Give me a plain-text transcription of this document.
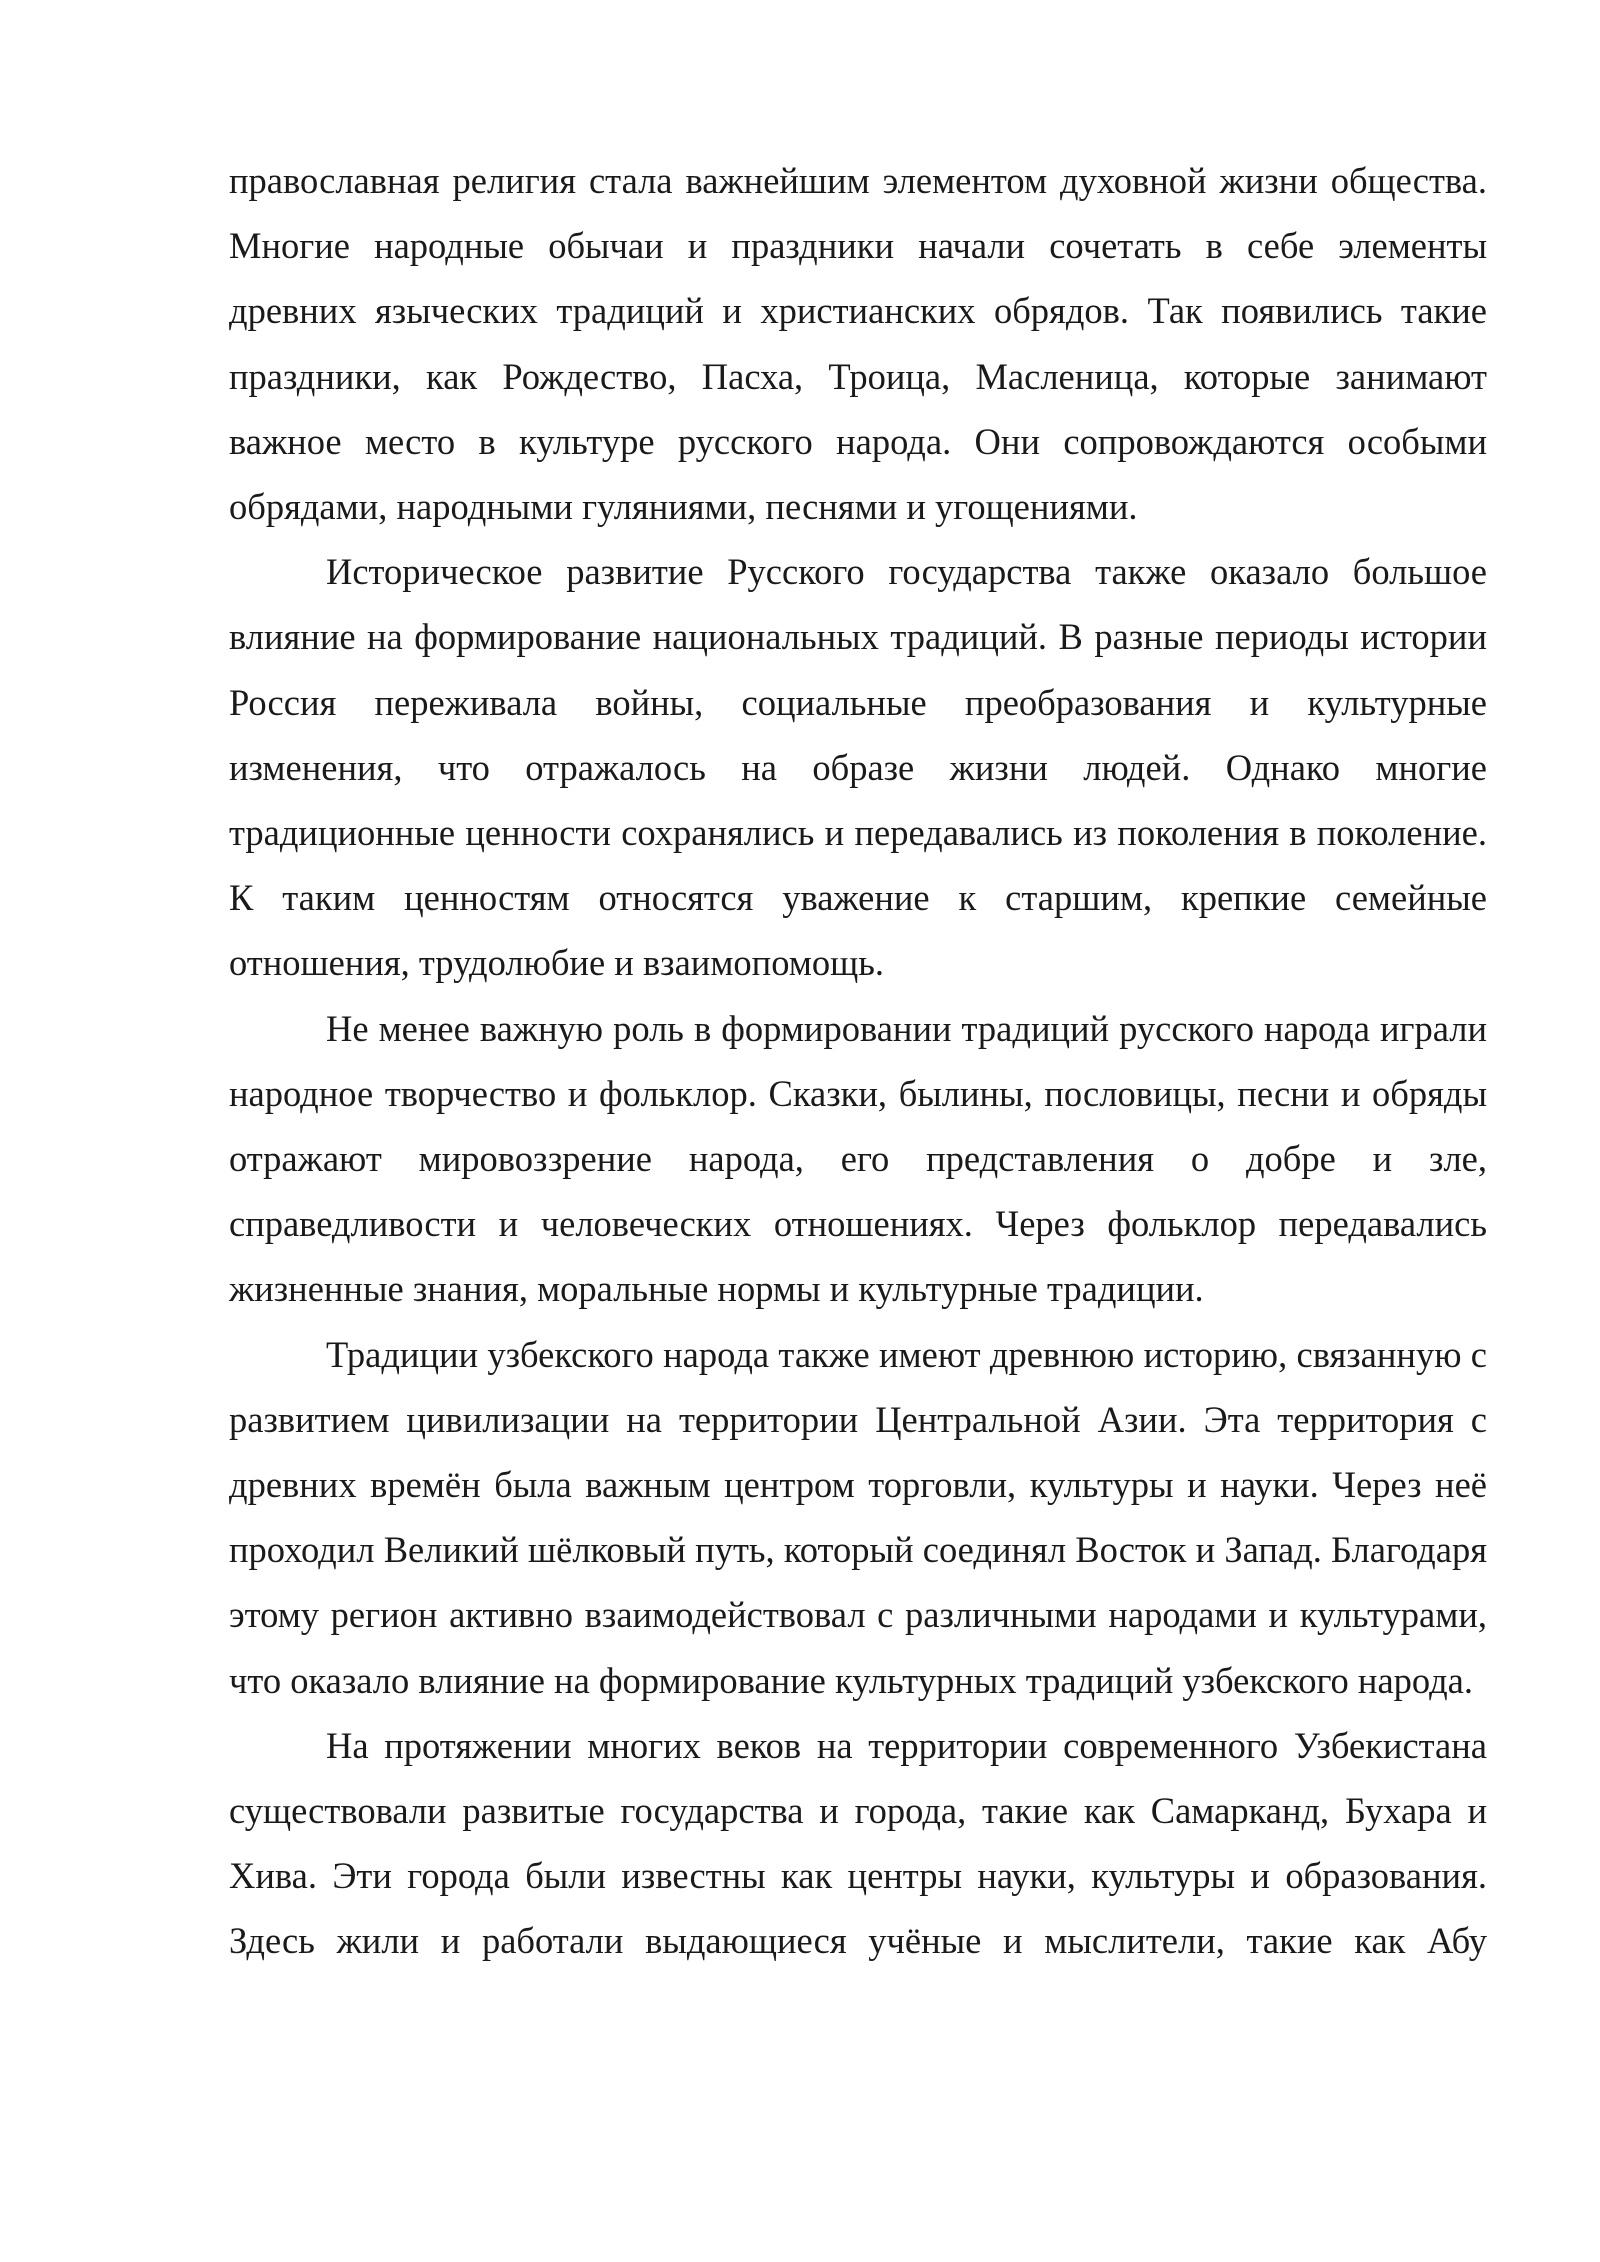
православная религия стала важнейшим элементом духовной жизни общества. Многие народные обычаи и праздники начали сочетать в себе элементы древних языческих традиций и христианских обрядов. Так появились такие праздники, как Рождество, Пасха, Троица, Масленица, которые занимают важное место в культуре русского народа. Они сопровождаются особыми обрядами, народными гуляниями, песнями и угощениями.

Историческое развитие Русского государства также оказало большое влияние на формирование национальных традиций. В разные периоды истории Россия переживала войны, социальные преобразования и культурные изменения, что отражалось на образе жизни людей. Однако многие традиционные ценности сохранялись и передавались из поколения в поколение. К таким ценностям относятся уважение к старшим, крепкие семейные отношения, трудолюбие и взаимопомощь.

Не менее важную роль в формировании традиций русского народа играли народное творчество и фольклор. Сказки, былины, пословицы, песни и обряды отражают мировоззрение народа, его представления о добре и зле, справедливости и человеческих отношениях. Через фольклор передавались жизненные знания, моральные нормы и культурные традиции.

Традиции узбекского народа также имеют древнюю историю, связанную с развитием цивилизации на территории Центральной Азии. Эта территория с древних времён была важным центром торговли, культуры и науки. Через неё проходил Великий шёлковый путь, который соединял Восток и Запад. Благодаря этому регион активно взаимодействовал с различными народами и культурами, что оказало влияние на формирование культурных традиций узбекского народа.

На протяжении многих веков на территории современного Узбекистана существовали развитые государства и города, такие как Самарканд, Бухара и Хива. Эти города были известны как центры науки, культуры и образования. Здесь жили и работали выдающиеся учёные и мыслители, такие как Абу
